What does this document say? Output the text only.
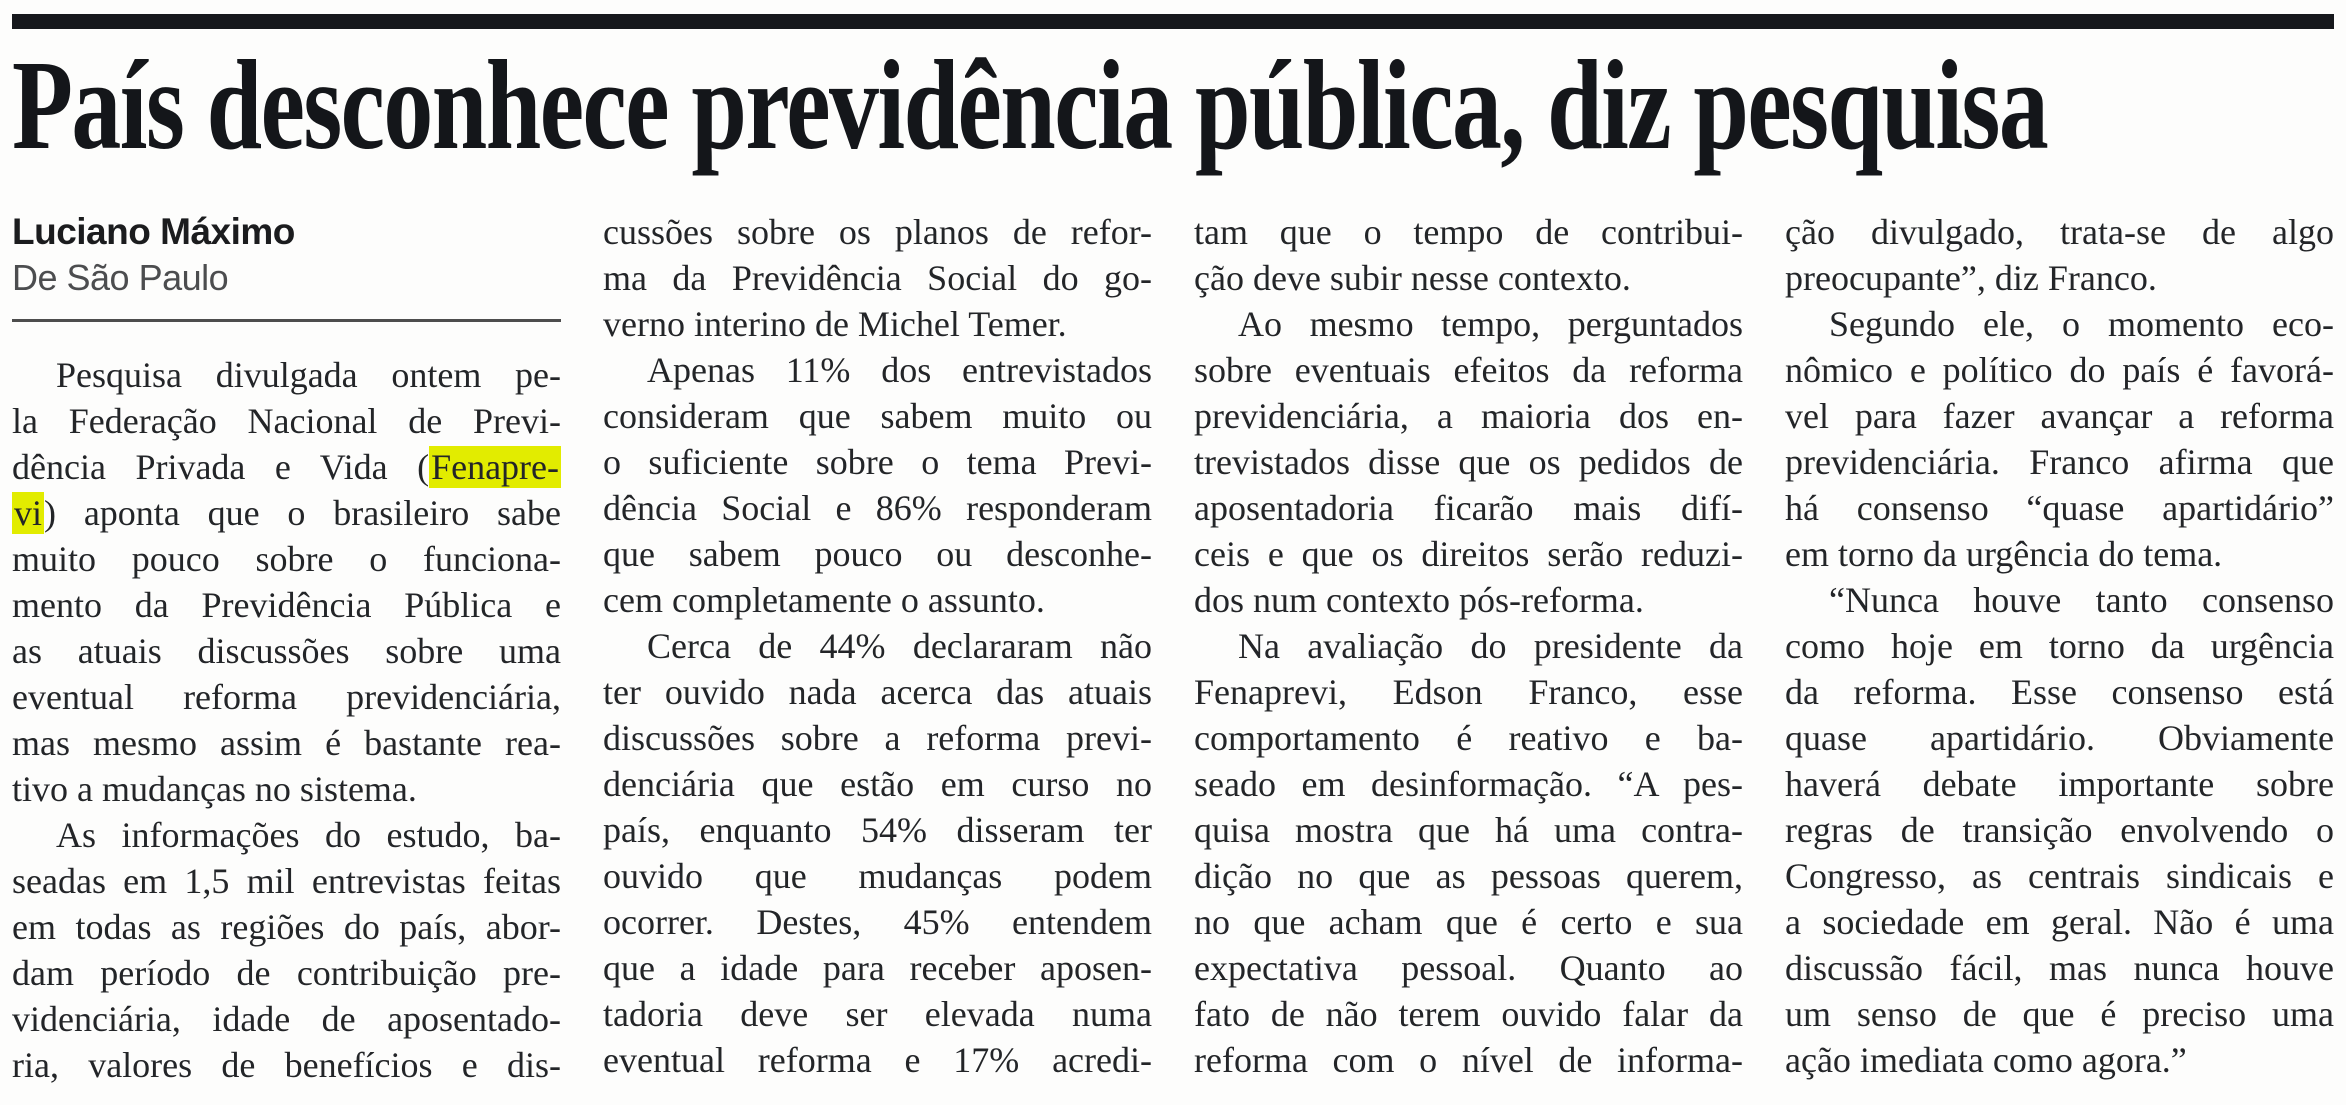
País desconhece previdência pública, diz pesquisa
Luciano Máximo
De São Paulo
Pesquisa divulgada ontem pe-
la Federação Nacional de Previ-
dência Privada e Vida (Fenapre-
vi) aponta que o brasileiro sabe
muito pouco sobre o funciona-
mento da Previdência Pública e
as atuais discussões sobre uma
eventual reforma previdenciária,
mas mesmo assim é bastante rea-
tivo a mudanças no sistema.
As informações do estudo, ba-
seadas em 1,5 mil entrevistas feitas
em todas as regiões do país, abor-
dam período de contribuição pre-
videnciária, idade de aposentado-
ria, valores de benefícios e dis-
cussões sobre os planos de refor-
ma da Previdência Social do go-
verno interino de Michel Temer.
Apenas 11% dos entrevistados
consideram que sabem muito ou
o suficiente sobre o tema Previ-
dência Social e 86% responderam
que sabem pouco ou desconhe-
cem completamente o assunto.
Cerca de 44% declararam não
ter ouvido nada acerca das atuais
discussões sobre a reforma previ-
denciária que estão em curso no
país, enquanto 54% disseram ter
ouvido que mudanças podem
ocorrer. Destes, 45% entendem
que a idade para receber aposen-
tadoria deve ser elevada numa
eventual reforma e 17% acredi-
tam que o tempo de contribui-
ção deve subir nesse contexto.
Ao mesmo tempo, perguntados
sobre eventuais efeitos da reforma
previdenciária, a maioria dos en-
trevistados disse que os pedidos de
aposentadoria ficarão mais difí-
ceis e que os direitos serão reduzi-
dos num contexto pós-reforma.
Na avaliação do presidente da
Fenaprevi, Edson Franco, esse
comportamento é reativo e ba-
seado em desinformação. “A pes-
quisa mostra que há uma contra-
dição no que as pessoas querem,
no que acham que é certo e sua
expectativa pessoal. Quanto ao
fato de não terem ouvido falar da
reforma com o nível de informa-
ção divulgado, trata-se de algo
preocupante”, diz Franco.
Segundo ele, o momento eco-
nômico e político do país é favorá-
vel para fazer avançar a reforma
previdenciária. Franco afirma que
há consenso “quase apartidário”
em torno da urgência do tema.
“Nunca houve tanto consenso
como hoje em torno da urgência
da reforma. Esse consenso está
quase apartidário. Obviamente
haverá debate importante sobre
regras de transição envolvendo o
Congresso, as centrais sindicais e
a sociedade em geral. Não é uma
discussão fácil, mas nunca houve
um senso de que é preciso uma
ação imediata como agora.”
